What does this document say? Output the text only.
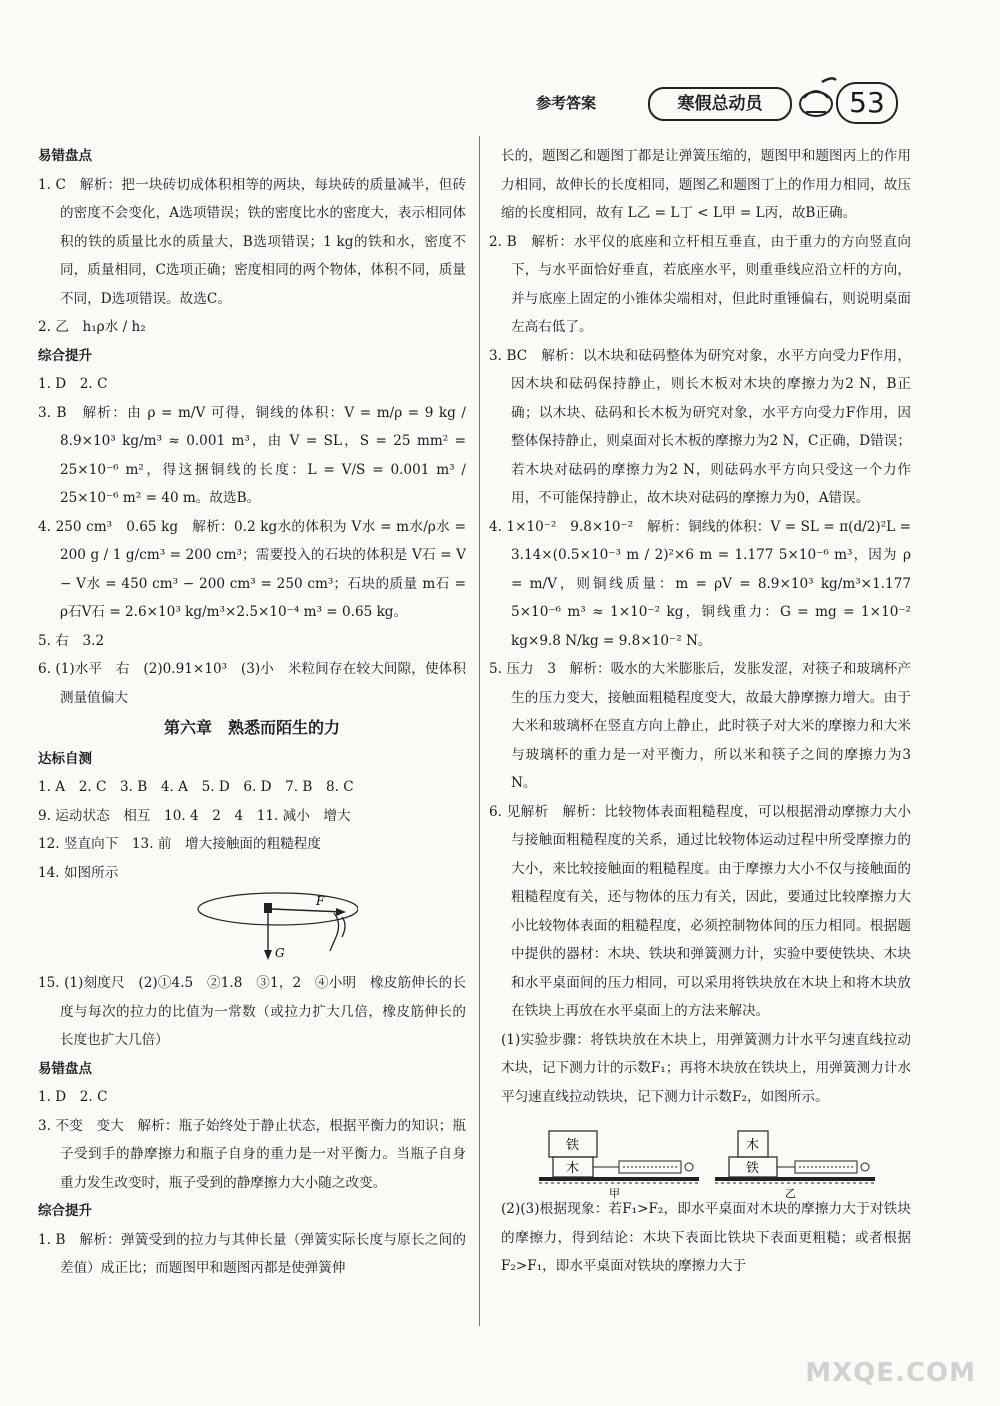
参考答案	寒假总动员	53
易错盘点

1. C　解析：把一块砖切成体积相等的两块，每块砖的质量减半，但砖的密度不会变化，A选项错误；铁的密度比水的密度大，表示相同体积的铁的质量比水的质量大，B选项错误；1 kg的铁和水，密度不同，质量相同，C选项正确；密度相同的两个物体，体积不同，质量不同，D选项错误。故选C。

2. 乙　h₁ρ水 / h₂

综合提升

1. D　2. C

3. B　解析：由 ρ = m/V 可得，铜线的体积：V = m/ρ = 9 kg / 8.9×10³ kg/m³ ≈ 0.001 m³，由 V = SL，S = 25 mm² = 25×10⁻⁶ m²，得这捆铜线的长度：L = V/S = 0.001 m³ / 25×10⁻⁶ m² = 40 m。故选B。

4. 250 cm³　0.65 kg　解析：0.2 kg水的体积为 V水 = m水/ρ水 = 200 g / 1 g/cm³ = 200 cm³；需要投入的石块的体积是 V石 = V − V水 = 450 cm³ − 200 cm³ = 250 cm³；石块的质量 m石 = ρ石V石 = 2.6×10³ kg/m³×2.5×10⁻⁴ m³ = 0.65 kg。

5. 右　3.2

6. (1)水平　右　(2)0.91×10³　(3)小　米粒间存在较大间隙，使体积测量值偏大

第六章　熟悉而陌生的力
达标自测

1. A　2. C　3. B　4. A　5. D　6. D　7. B　8. C

9. 运动状态　相互　10. 4　2　4　11. 减小　增大

12. 竖直向下　13. 前　增大接触面的粗糙程度

14. 如图所示

F
G

15. (1)刻度尺　(2)①4.5　②1.8　③1，2　④小明　橡皮筋伸长的长度与每次的拉力的比值为一常数（或拉力扩大几倍，橡皮筋伸长的长度也扩大几倍）

易错盘点

1. D　2. C

3. 不变　变大　解析：瓶子始终处于静止状态，根据平衡力的知识；瓶子受到手的静摩擦力和瓶子自身的重力是一对平衡力。当瓶子自身重力发生改变时，瓶子受到的静摩擦力大小随之改变。

综合提升

1. B　解析：弹簧受到的拉力与其伸长量（弹簧实际长度与原长之间的差值）成正比；而题图甲和题图丙都是使弹簧伸

长的，题图乙和题图丁都是让弹簧压缩的，题图甲和题图丙上的作用力相同，故伸长的长度相同，题图乙和题图丁上的作用力相同，故压缩的长度相同，故有 L乙 = L丁 < L甲 = L丙，故B正确。

2. B　解析：水平仪的底座和立杆相互垂直，由于重力的方向竖直向下，与水平面恰好垂直，若底座水平，则重垂线应沿立杆的方向，并与底座上固定的小锥体尖端相对，但此时重锤偏右，则说明桌面左高右低了。

3. BC　解析：以木块和砝码整体为研究对象，水平方向受力F作用，因木块和砝码保持静止，则长木板对木块的摩擦力为2 N，B正确；以木块、砝码和长木板为研究对象，水平方向受力F作用，因整体保持静止，则桌面对长木板的摩擦力为2 N，C正确，D错误；若木块对砝码的摩擦力为2 N，则砝码水平方向只受这一个力作用，不可能保持静止，故木块对砝码的摩擦力为0，A错误。

4. 1×10⁻²　9.8×10⁻²　解析：铜线的体积：V = SL = π(d/2)²L = 3.14×(0.5×10⁻³ m / 2)²×6 m = 1.177 5×10⁻⁶ m³，因为 ρ = m/V，则铜线质量：m = ρV = 8.9×10³ kg/m³×1.177 5×10⁻⁶ m³ ≈ 1×10⁻² kg，铜线重力：G = mg = 1×10⁻² kg×9.8 N/kg = 9.8×10⁻² N。

5. 压力　3　解析：吸水的大米膨胀后，发胀发涩，对筷子和玻璃杯产生的压力变大，接触面粗糙程度变大，故最大静摩擦力增大。由于大米和玻璃杯在竖直方向上静止，此时筷子对大米的摩擦力和大米与玻璃杯的重力是一对平衡力，所以米和筷子之间的摩擦力为3 N。

6. 见解析　解析：比较物体表面粗糙程度，可以根据滑动摩擦力大小与接触面粗糙程度的关系，通过比较物体运动过程中所受摩擦力的大小，来比较接触面的粗糙程度。由于摩擦力大小不仅与接触面的粗糙程度有关，还与物体的压力有关，因此，要通过比较摩擦力大小比较物体表面的粗糙程度，必须控制物体间的压力相同。根据题中提供的器材：木块、铁块和弹簧测力计，实验中要使铁块、木块和水平桌面间的压力相同，可以采用将铁块放在木块上和将木块放在铁块上再放在水平桌面上的方法来解决。

(1)实验步骤：将铁块放在木块上，用弹簧测力计水平匀速直线拉动木块，记下测力计的示数F₁；再将木块放在铁块上，用弹簧测力计水平匀速直线拉动铁块，记下测力计示数F₂，如图所示。

木
铁
甲
铁
木
乙

(2)(3)根据现象：若F₁>F₂，即水平桌面对木块的摩擦力大于对铁块的摩擦力，得到结论：木块下表面比铁块下表面更粗糙；或者根据F₂>F₁，即水平桌面对铁块的摩擦力大于

MXQE.COM
